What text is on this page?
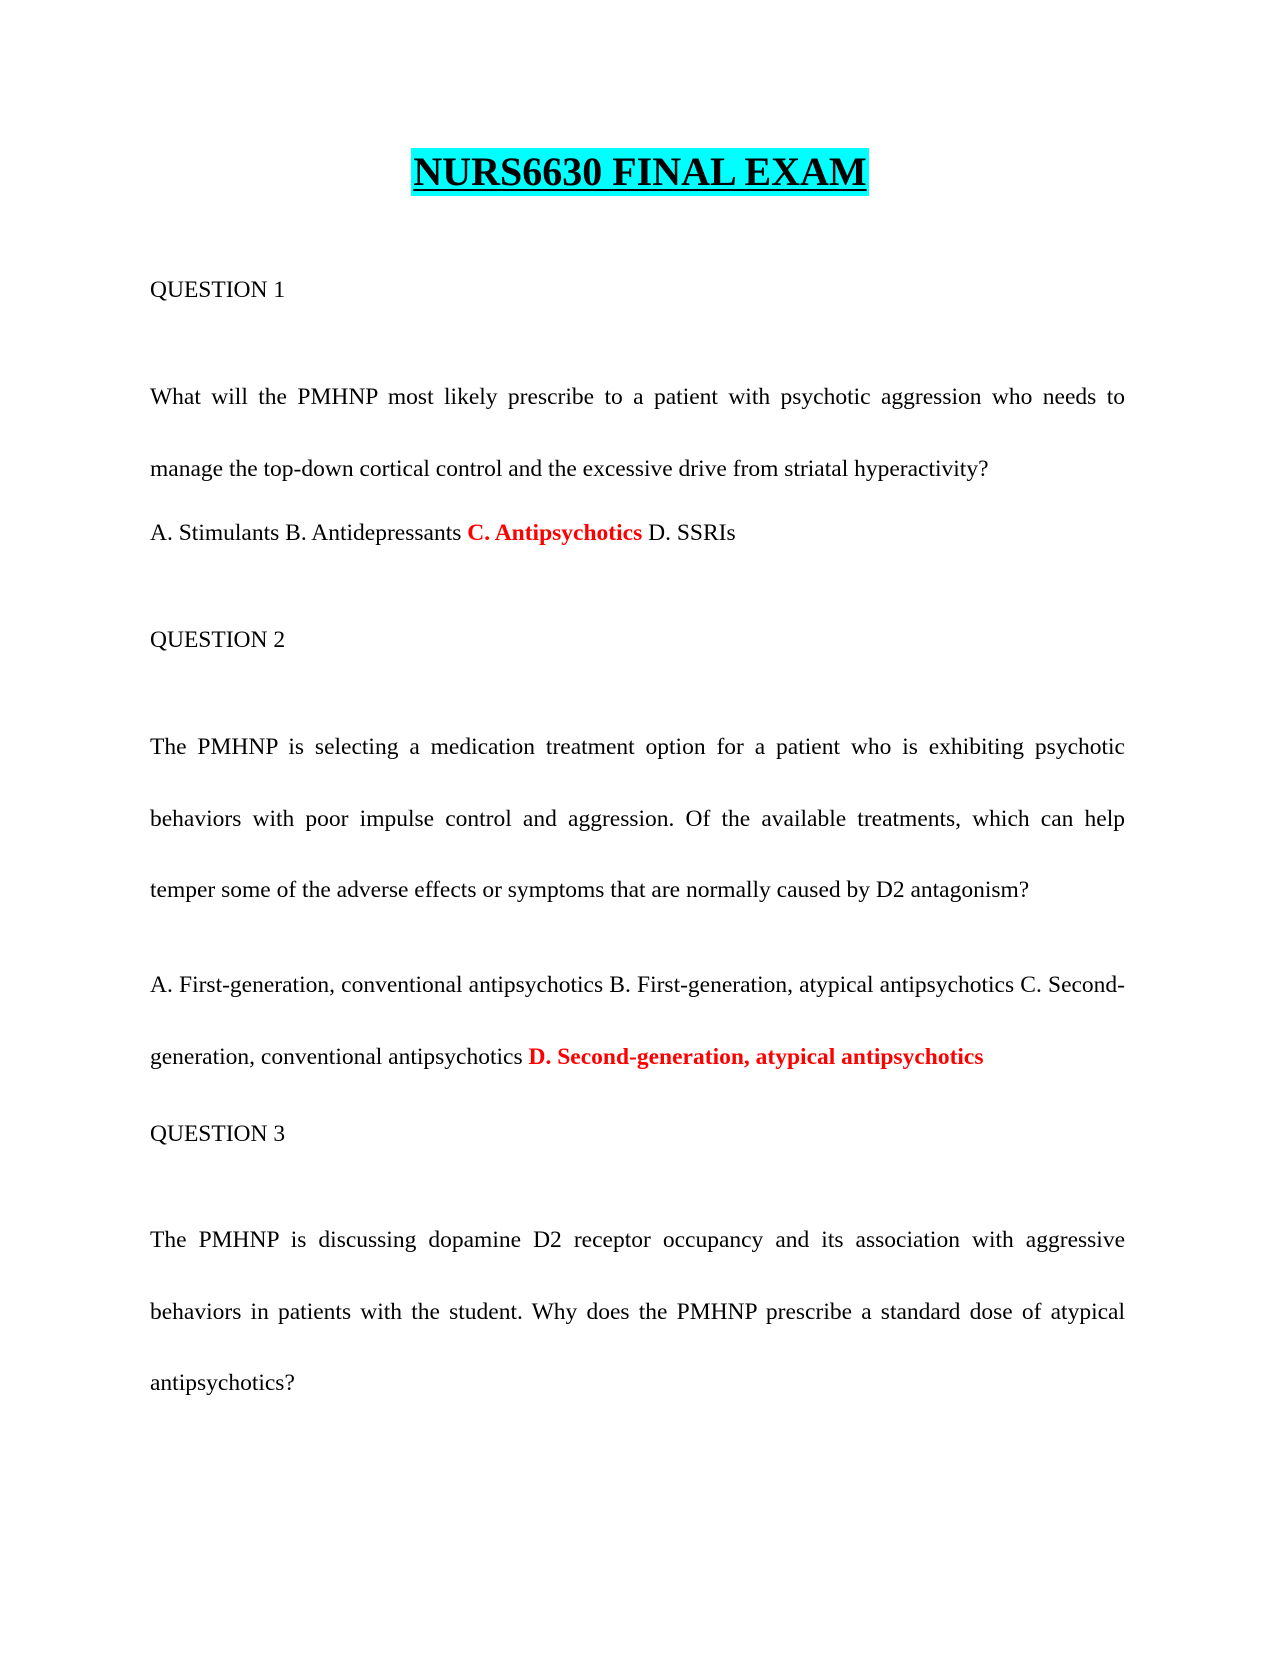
NURS6630 FINAL EXAM
QUESTION 1
What will the PMHNP most likely prescribe to a patient with psychotic aggression who needs to manage the top-down cortical control and the excessive drive from striatal hyperactivity?
A. Stimulants B. Antidepressants C. Antipsychotics D. SSRIs
QUESTION 2
The PMHNP is selecting a medication treatment option for a patient who is exhibiting psychotic behaviors with poor impulse control and aggression. Of the available treatments, which can help temper some of the adverse effects or symptoms that are normally caused by D2 antagonism?
A. First-generation, conventional antipsychotics B. First-generation, atypical antipsychotics C. Second-generation, conventional antipsychotics D. Second-generation, atypical antipsychotics
QUESTION 3
The PMHNP is discussing dopamine D2 receptor occupancy and its association with aggressive behaviors in patients with the student. Why does the PMHNP prescribe a standard dose of atypical antipsychotics?
